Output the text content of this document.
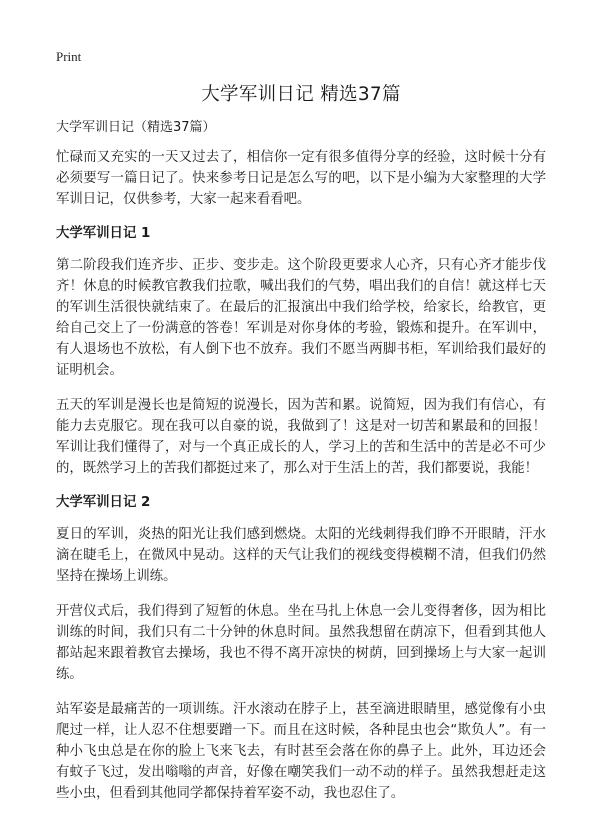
Print
大学军训日记 精选37篇

大学军训日记（精选37篇）

忙碌而又充实的一天又过去了，相信你一定有很多值得分享的经验，这时候十分有必须要写一篇日记了。快来参考日记是怎么写的吧，以下是小编为大家整理的大学军训日记，仅供参考，大家一起来看看吧。

大学军训日记 1

第二阶段我们连齐步、正步、变步走。这个阶段更要求人心齐，只有心齐才能步伐齐！休息的时候教官教我们拉歌，喊出我们的气势，唱出我们的自信！就这样七天的军训生活很快就结束了。在最后的汇报演出中我们给学校，给家长，给教官，更给自己交上了一份满意的答卷！军训是对你身体的考验，锻炼和提升。在军训中，有人退场也不放松，有人倒下也不放弃。我们不愿当两脚书柜，军训给我们最好的证明机会。

五天的军训是漫长也是简短的说漫长，因为苦和累。说简短，因为我们有信心，有能力去克服它。现在我可以自豪的说，我做到了！这是对一切苦和累最和的回报！军训让我们懂得了，对与一个真正成长的人，学习上的苦和生活中的苦是必不可少的，既然学习上的苦我们都挺过来了，那么对于生活上的苦，我们都要说，我能！

大学军训日记 2

夏日的军训，炎热的阳光让我们感到燃烧。太阳的光线刺得我们睁不开眼睛，汗水滴在睫毛上，在微风中晃动。这样的天气让我们的视线变得模糊不清，但我们仍然坚持在操场上训练。

开营仪式后，我们得到了短暂的休息。坐在马扎上休息一会儿变得奢侈，因为相比训练的时间，我们只有二十分钟的休息时间。虽然我想留在荫凉下，但看到其他人都站起来跟着教官去操场，我也不得不离开凉快的树荫，回到操场上与大家一起训练。

站军姿是最痛苦的一项训练。汗水滚动在脖子上，甚至滴进眼睛里，感觉像有小虫爬过一样，让人忍不住想要蹭一下。而且在这时候，各种昆虫也会“欺负人”。有一种小飞虫总是在你的脸上飞来飞去，有时甚至会落在你的鼻子上。此外，耳边还会有蚊子飞过，发出嗡嗡的声音，好像在嘲笑我们一动不动的样子。虽然我想赶走这些小虫，但看到其他同学都保持着军姿不动，我也忍住了。
